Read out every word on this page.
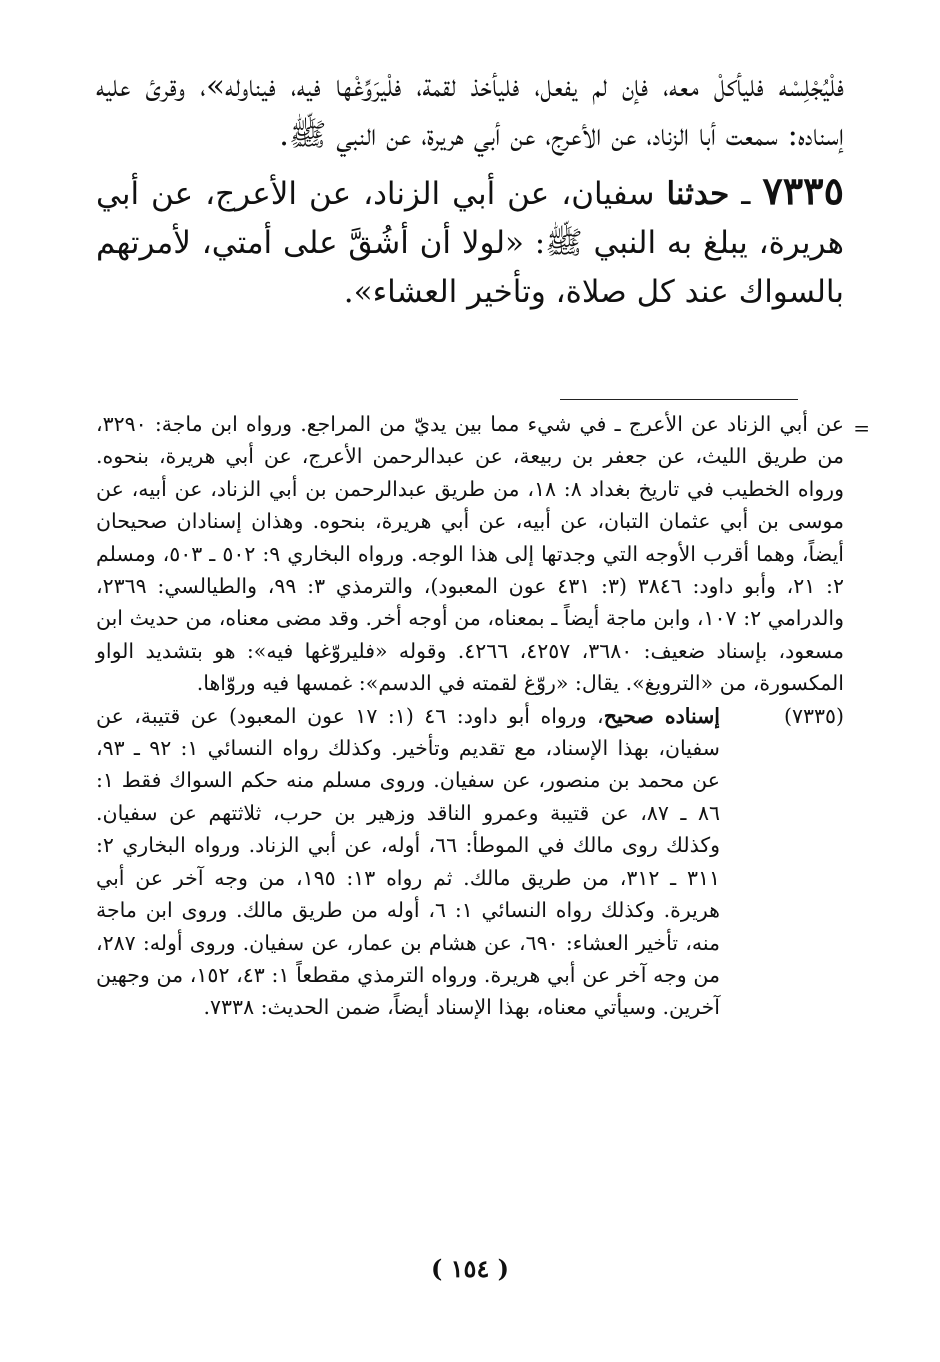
فلْيُجْلِسْه فليأكلْ معه، فإن لم يفعل، فليأخذ لقمة، فلْيرَوِّغْها فيه، فيناوله»، وقرئ عليه إسناده: سمعت أبا الزناد، عن الأعرج، عن أبي هريرة، عن النبي ﷺ.

٧٣٣٥ ـ حدثنا سفيان، عن أبي الزناد، عن الأعرج، عن أبي هريرة، يبلغ به النبي ﷺ: «لولا أن أشُقَّ على أمتي، لأمرتهم بالسواك عند كل صلاة، وتأخير العشاء».

=
عن أبي الزناد عن الأعرج ـ في شيء مما بين يديّ من المراجع. ورواه ابن ماجة: ٣٢٩٠، من طريق الليث، عن جعفر بن ربيعة، عن عبدالرحمن الأعرج، عن أبي هريرة، بنحوه. ورواه الخطيب في تاريخ بغداد ٨: ١٨، من طريق عبدالرحمن بن أبي الزناد، عن أبيه، عن موسى بن أبي عثمان التبان، عن أبيه، عن أبي هريرة، بنحوه. وهذان إسنادان صحيحان أيضاً، وهما أقرب الأوجه التي وجدتها إلى هذا الوجه. ورواه البخاري ٩: ٥٠٢ ـ ٥٠٣، ومسلم ٢: ٢١، وأبو داود: ٣٨٤٦ (٣: ٤٣١ عون المعبود)، والترمذي ٣: ٩٩، والطيالسي: ٢٣٦٩، والدرامي ٢: ١٠٧، وابن ماجة أيضاً ـ بمعناه، من أوجه أخر. وقد مضى معناه، من حديث ابن مسعود، بإسناد ضعيف: ٣٦٨٠، ٤٢٥٧، ٤٢٦٦. وقوله «فليروّغها فيه»: هو بتشديد الواو المكسورة، من «الترويغ». يقال: «روّغ لقمته في الدسم»: غمسها فيه وروّاها.

(٧٣٣٥)إسناده صحيح، ورواه أبو داود: ٤٦ (١: ١٧ عون المعبود) عن قتيبة، عن سفيان، بهذا الإسناد، مع تقديم وتأخير. وكذلك رواه النسائي ١: ٩٢ ـ ٩٣، عن محمد بن منصور، عن سفيان. وروى مسلم منه حكم السواك فقط ١: ٨٦ ـ ٨٧، عن قتيبة وعمرو الناقد وزهير بن حرب، ثلاثتهم عن سفيان. وكذلك روى مالك في الموطأ: ٦٦، أوله، عن أبي الزناد. ورواه البخاري ٢: ٣١١ ـ ٣١٢، من طريق مالك. ثم رواه ١٣: ١٩٥، من وجه آخر عن أبي هريرة. وكذلك رواه النسائي ١: ٦، أوله من طريق مالك. وروى ابن ماجة منه، تأخير العشاء: ٦٩٠، عن هشام بن عمار، عن سفيان. وروى أوله: ٢٨٧، من وجه آخر عن أبي هريرة. ورواه الترمذي مقطعاً ١: ٤٣، ١٥٢، من وجهين آخرين. وسيأتي معناه، بهذا الإسناد أيضاً، ضمن الحديث: ٧٣٣٨.

( ١٥٤ )
